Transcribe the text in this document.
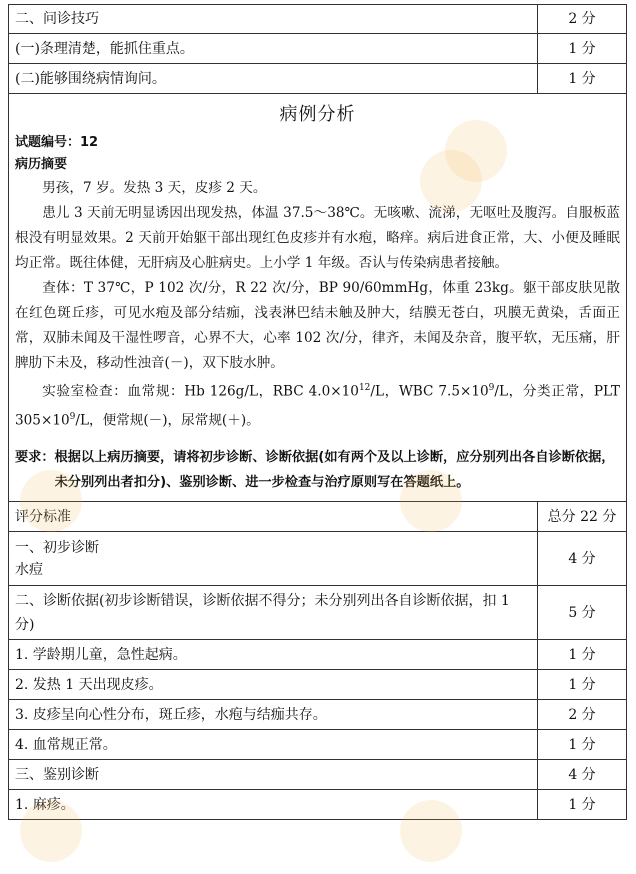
二、问诊技巧	2 分
(一)条理清楚，能抓住重点。	1 分
(二)能够围绕病情询问。	1 分
病例分析
试题编号：12
病历摘要

男孩，7 岁。发热 3 天，皮疹 2 天。

患儿 3 天前无明显诱因出现发热，体温 37.5～38℃。无咳嗽、流涕，无呕吐及腹泻。自服板蓝根没有明显效果。2 天前开始躯干部出现红色皮疹并有水疱，略痒。病后进食正常，大、小便及睡眠均正常。既往体健，无肝病及心脏病史。上小学 1 年级。否认与传染病患者接触。

查体：T 37℃，P 102 次/分，R 22 次/分，BP 90/60mmHg，体重 23kg。躯干部皮肤见散在红色斑丘疹，可见水疱及部分结痂，浅表淋巴结未触及肿大，结膜无苍白，巩膜无黄染，舌面正常，双肺未闻及干湿性啰音，心界不大，心率 102 次/分，律齐，未闻及杂音，腹平软，无压痛，肝脾肋下未及，移动性浊音(－)，双下肢水肿。

实验室检查：血常规：Hb 126g/L，RBC $4.0\times 10^{12}/L$，WBC $7.5\times 10^9/L$，分类正常，PLT $305\times 10^9/L$，便常规(－)，尿常规(＋)。

要求：根据以上病历摘要，请将初步诊断、诊断依据(如有两个及以上诊断，应分别列出各自诊断依据，未分别列出者扣分)、鉴别诊断、进一步检查与治疗原则写在答题纸上。
评分标准	总分 22 分

一、初步诊断
水痘	4 分
二、诊断依据(初步诊断错误，诊断依据不得分；未分别列出各自诊断依据，扣 1 分)	5 分
1. 学龄期儿童，急性起病。	1 分
2. 发热 1 天出现皮疹。	1 分
3. 皮疹呈向心性分布，斑丘疹，水疱与结痂共存。	2 分
4. 血常规正常。	1 分
三、鉴别诊断	4 分
1. 麻疹。	1 分
